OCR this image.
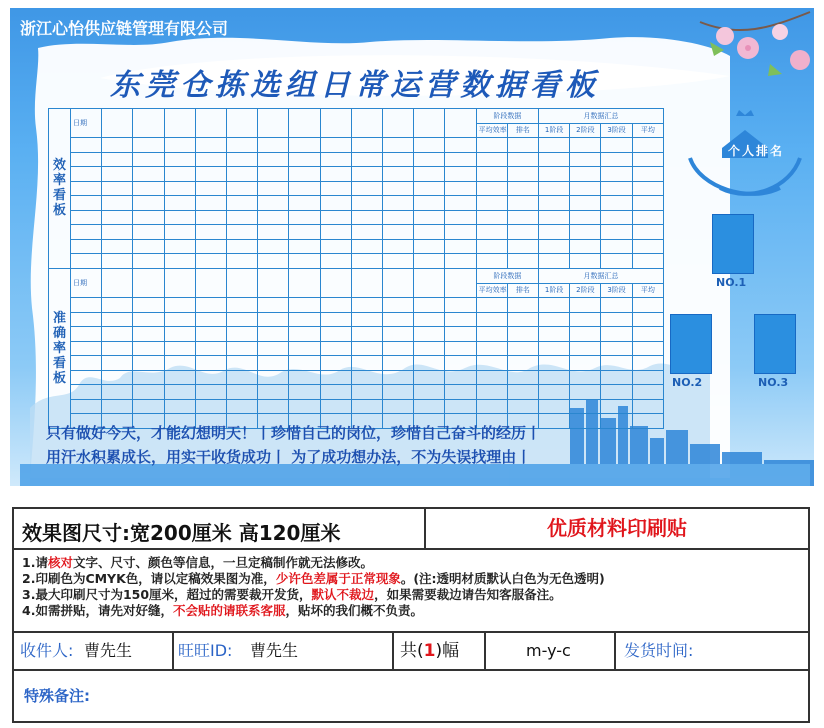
浙江心怡供应链管理有限公司
东莞仓拣选组日常运营数据看板
效率看板	日期													阶段数据		月数据汇总			
														平均效率	排名	1阶段	2阶段	3阶段	平均

准确率看板	日期													阶段数据		月数据汇总			
														平均效率	排名	1阶段	2阶段	3阶段	平均

个人排名
NO.1
NO.2	NO.3
只有做好今天，才能幻想明天！丨珍惜自己的岗位，珍惜自己奋斗的经历丨
用汗水积累成长，用实干收货成功丨 为了成功想办法，不为失误找理由丨
效果图尺寸:宽200厘米 高120厘米	优质材料印刷贴
1.请核对文字、尺寸、颜色等信息，一旦定稿制作就无法修改。
2.印刷色为CMYK色，请以定稿效果图为准，少许色差属于正常现象。(注:透明材质默认白色为无色透明)
3.最大印刷尺寸为150厘米，超过的需要裁开发货，默认不裁边，如果需要裁边请告知客服备注。
4.如需拼贴，请先对好缝，不会贴的请联系客服，贴坏的我们概不负责。
收件人: 曹先生	旺旺ID: 曹先生	共(1)幅	m-y-c	发货时间:
特殊备注:
